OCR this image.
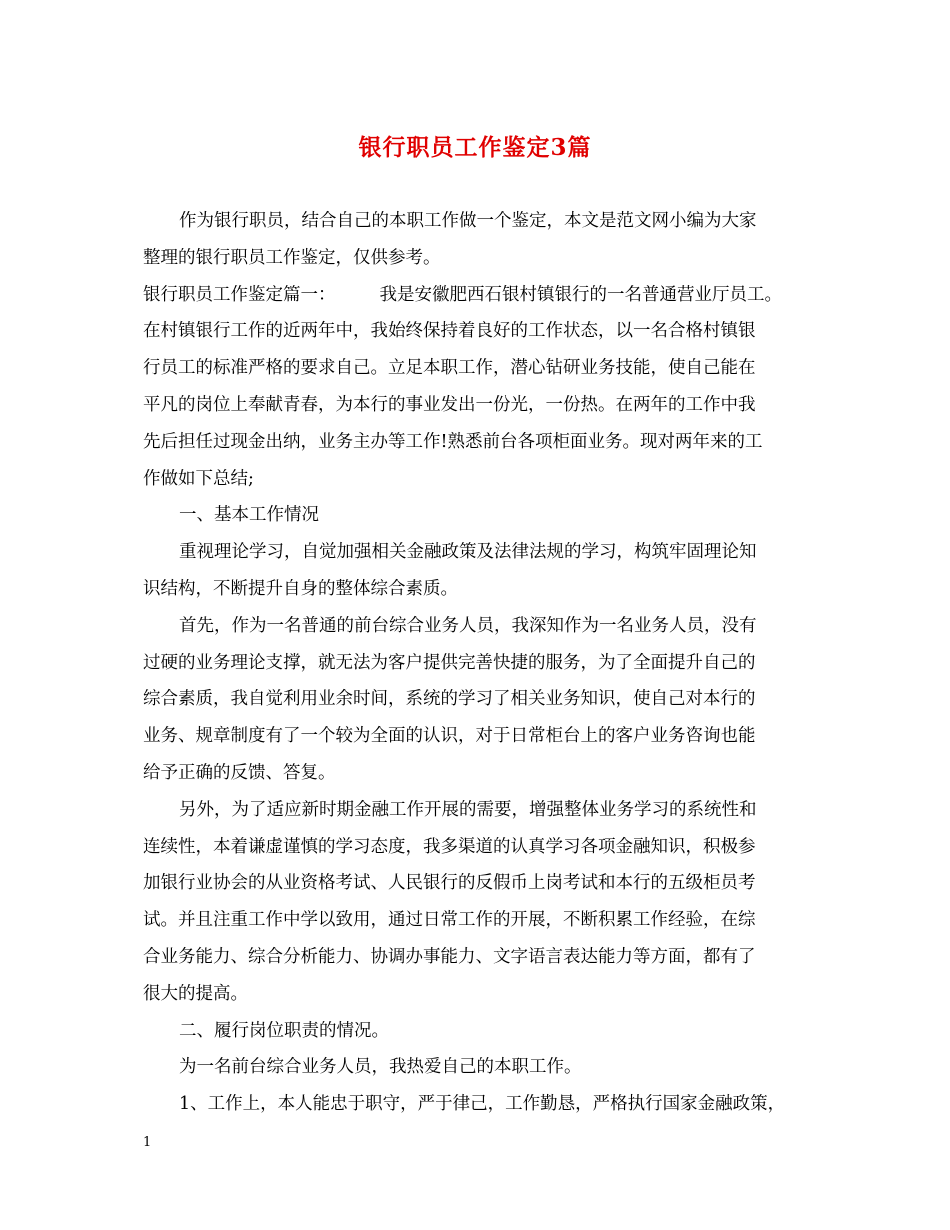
银行职员工作鉴定3篇
作为银行职员，结合自己的本职工作做一个鉴定，本文是范文网小编为大家
整理的银行职员工作鉴定，仅供参考。
银行职员工作鉴定篇一：	我是安徽肥西石银村镇银行的一名普通营业厅员工。
在村镇银行工作的近两年中，我始终保持着良好的工作状态，以一名合格村镇银
行员工的标准严格的要求自己。立足本职工作，潜心钻研业务技能，使自己能在
平凡的岗位上奉献青春，为本行的事业发出一份光，一份热。在两年的工作中我
先后担任过现金出纳，业务主办等工作!熟悉前台各项柜面业务。现对两年来的工
作做如下总结;
一、基本工作情况
重视理论学习，自觉加强相关金融政策及法律法规的学习，构筑牢固理论知
识结构，不断提升自身的整体综合素质。
首先，作为一名普通的前台综合业务人员，我深知作为一名业务人员，没有
过硬的业务理论支撑，就无法为客户提供完善快捷的服务，为了全面提升自己的
综合素质，我自觉利用业余时间，系统的学习了相关业务知识，使自己对本行的
业务、规章制度有了一个较为全面的认识，对于日常柜台上的客户业务咨询也能
给予正确的反馈、答复。
另外，为了适应新时期金融工作开展的需要，增强整体业务学习的系统性和
连续性，本着谦虚谨慎的学习态度，我多渠道的认真学习各项金融知识，积极参
加银行业协会的从业资格考试、人民银行的反假币上岗考试和本行的五级柜员考
试。并且注重工作中学以致用，通过日常工作的开展，不断积累工作经验，在综
合业务能力、综合分析能力、协调办事能力、文字语言表达能力等方面，都有了
很大的提高。
二、履行岗位职责的情况。
为一名前台综合业务人员，我热爱自己的本职工作。
1、工作上，本人能忠于职守，严于律己，工作勤恳，严格执行国家金融政策，
1
